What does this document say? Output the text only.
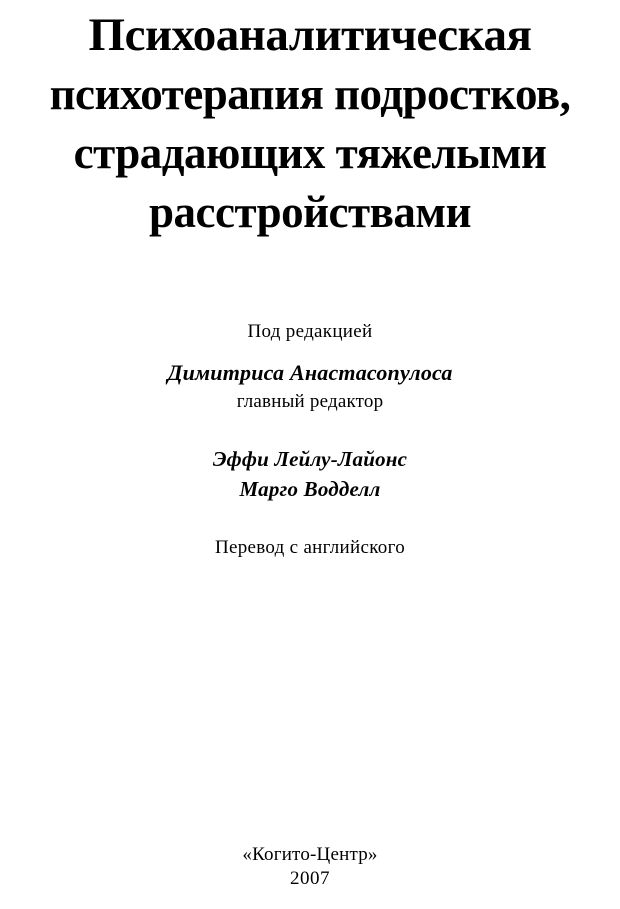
Психоаналитическая
психотерапия подростков,
страдающих тяжелыми
расстройствами
Под редакцией
Димитриса Анастасопулоса
главный редактор
Эффи Лейлу-Лайонс
Марго Водделл
Перевод с английского
«Когито-Центр»
2007
